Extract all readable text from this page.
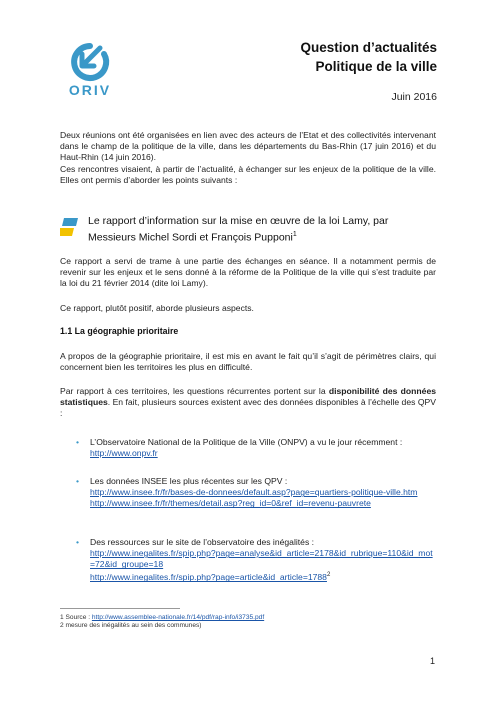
ORIV
Question d’actualités
Politique de la ville
Juin 2016
Deux réunions ont été organisées en lien avec des acteurs de l’Etat et des collectivités intervenant dans le champ de la politique de la ville, dans les départements du Bas-Rhin (17 juin 2016) et du Haut-Rhin (14 juin 2016).
Ces rencontres visaient, à partir de l’actualité, à échanger sur les enjeux de la politique de la ville. Elles ont permis d’aborder les points suivants :
Le rapport d’information sur la mise en œuvre de la loi Lamy, par Messieurs Michel Sordi et François Pupponi$^1$
Ce rapport a servi de trame à une partie des échanges en séance. Il a notamment permis de revenir sur les enjeux et le sens donné à la réforme de la Politique de la ville qui s’est traduite par la loi du 21 février 2014 (dite loi Lamy).
Ce rapport, plutôt positif, aborde plusieurs aspects.
1.1 La géographie prioritaire
A propos de la géographie prioritaire, il est mis en avant le fait qu’il s’agit de périmètres clairs, qui concernent bien les territoires les plus en difficulté.
Par rapport à ces territoires, les questions récurrentes portent sur la disponibilité des données statistiques. En fait, plusieurs sources existent avec des données disponibles à l’échelle des QPV :
• L’Observatoire National de la Politique de la Ville (ONPV) a vu le jour récemment :
http://www.onpv.fr
• Les données INSEE les plus récentes sur les QPV :
http://www.insee.fr/fr/bases-de-donnees/default.asp?page=quartiers-politique-ville.htm
http://www.insee.fr/fr/themes/detail.asp?reg_id=0&ref_id=revenu-pauvrete
• Des ressources sur le site de l’observatoire des inégalités :
http://www.inegalites.fr/spip.php?page=analyse&id_article=2178&id_rubrique=110&id_mot=72&id_groupe=18
$http://www.inegalites.fr/spip.php?page=article\&id\_article=1788^2$
1 Source : http://www.assemblee-nationale.fr/14/pdf/rap-info/i3735.pdf
2 mesure des inégalités au sein des communes)
1
